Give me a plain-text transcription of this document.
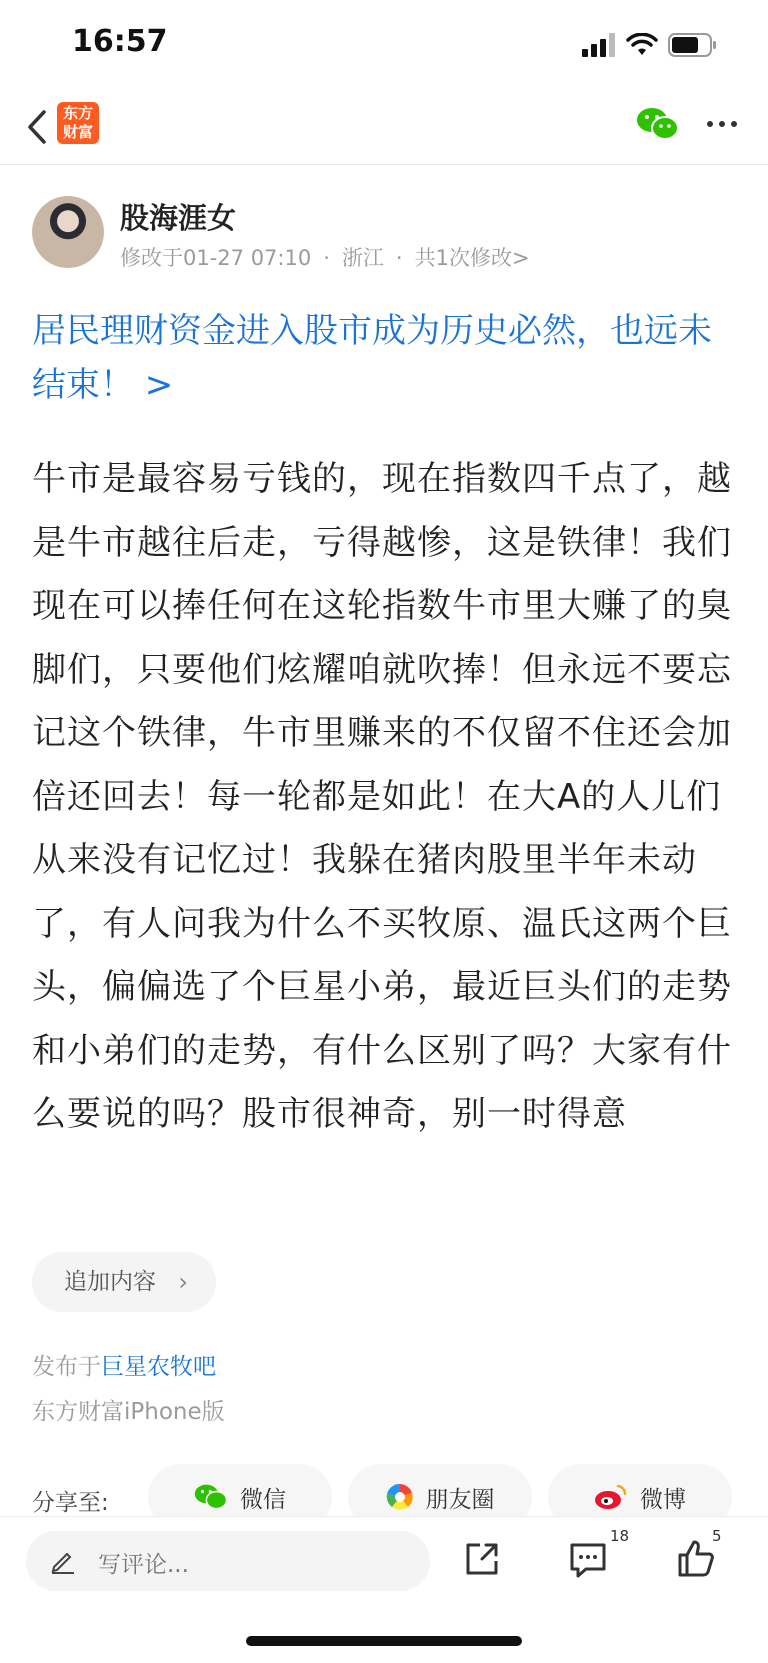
16:57
东方
财富
股海涯女
修改于01-27 07:10 · 浙江 · 共1次修改>
居民理财资金进入股市成为历史必然，也远未结束！ >
牛市是最容易亏钱的，现在指数四千点了，越是牛市越往后走，亏得越惨，这是铁律！我们现在可以捧任何在这轮指数牛市里大赚了的臭脚们，只要他们炫耀咱就吹捧！但永远不要忘记这个铁律，牛市里赚来的不仅留不住还会加倍还回去！每一轮都是如此！在大A的人儿们从来没有记忆过！我躲在猪肉股里半年未动了，有人问我为什么不买牧原、温氏这两个巨头，偏偏选了个巨星小弟，最近巨头们的走势和小弟们的走势，有什么区别了吗？大家有什么要说的吗？股市很神奇，别一时得意
追加内容 ›
发布于巨星农牧吧
东方财富iPhone版
分享至:	微信	朋友圈	微博
写评论...
18	5
